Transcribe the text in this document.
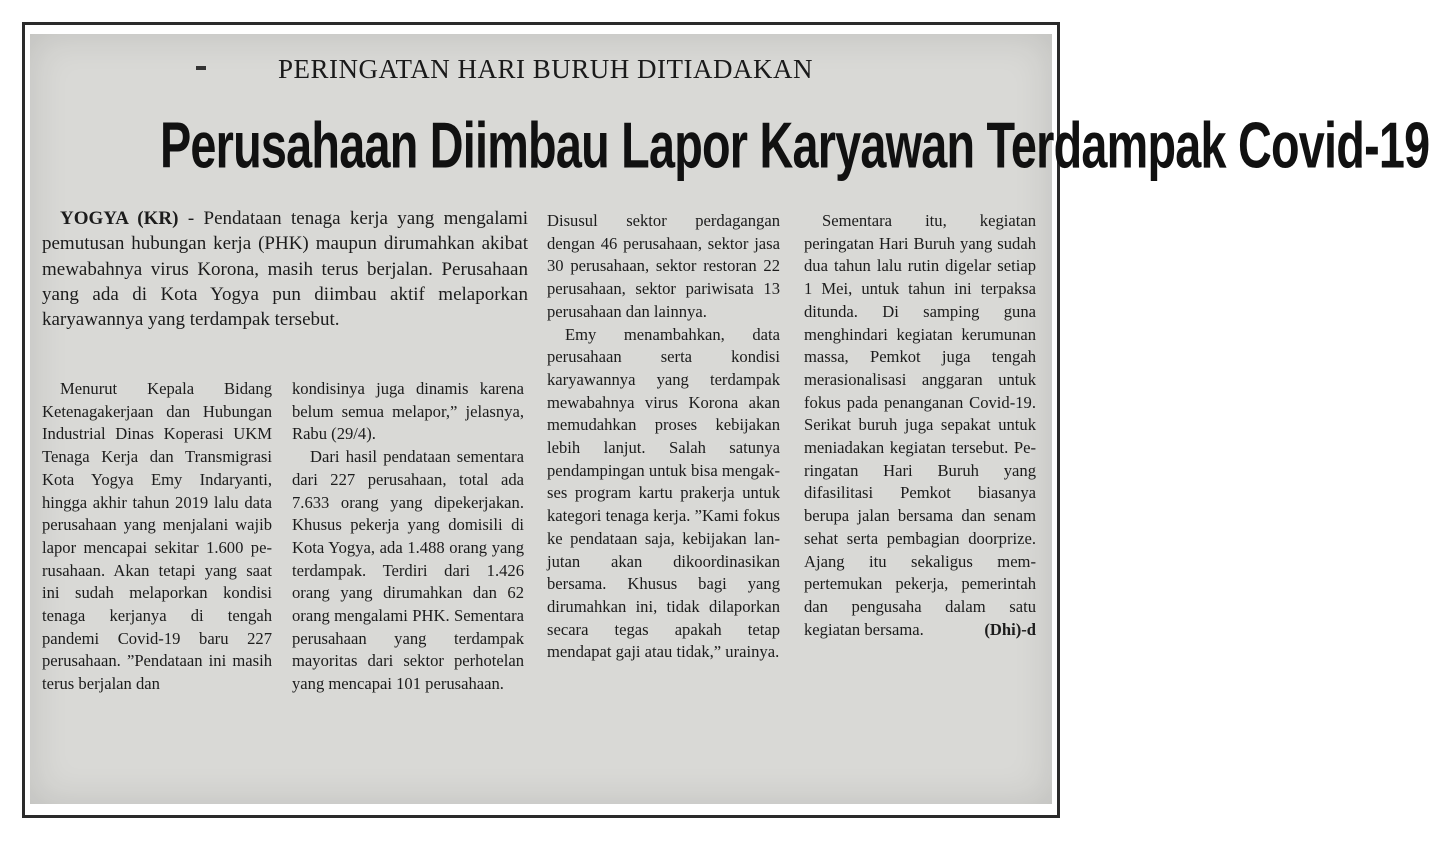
PERINGATAN HARI BURUH DITIADAKAN
Perusahaan Diimbau Lapor Karyawan Terdampak Covid-19

YOGYA (KR) - Pendataan tenaga kerja yang mengalami pemutusan hubungan kerja (PHK) maupun dirumahkan akibat mewabahnya virus Korona, masih terus berjalan. Perusahaan yang ada di Kota Yogya pun diimbau aktif melaporkan karyawannya yang terdampak tersebut.

Menurut Kepala Bidang Ketenagakerjaan dan Hubungan Industrial Dinas Koperasi UKM Tenaga Kerja dan Transmigrasi Kota Yogya Emy Indaryanti, hingga akhir tahun 2019 lalu data perusahaan yang menjalani wajib lapor mencapai sekitar 1.600 perusahaan. Akan tetapi yang saat ini sudah melaporkan kondisi tenaga kerjanya di tengah pandemi Covid-19 baru 227 perusahaan. ”Pendataan ini masih terus berjalan dan

kondisinya juga dinamis karena belum semua melapor,” jelasnya, Rabu (29/4).

Dari hasil pendataan sementara dari 227 perusahaan, total ada 7.633 orang yang dipekerjakan. Khusus pekerja yang domisili di Kota Yogya, ada 1.488 orang yang terdampak. Terdiri dari 1.426 orang yang dirumahkan dan 62 orang mengalami PHK. Sementara perusahaan yang terdampak mayoritas dari sektor perhotelan yang mencapai 101 perusahaan.

Disusul sektor perdagangan dengan 46 perusahaan, sektor jasa 30 perusahaan, sektor restoran 22 perusahaan, sektor pariwisata 13 perusahaan dan lainnya.

Emy menambahkan, data perusahaan serta kondisi karyawannya yang terdampak mewabahnya virus Korona akan memudahkan proses kebijakan lebih lanjut. Salah satunya pendampingan untuk bisa mengakses program kartu prakerja untuk kategori tenaga kerja. ”Kami fokus ke pendataan saja, kebijakan lanjutan akan dikoordinasikan bersama. Khusus bagi yang dirumahkan ini, tidak dilaporkan secara tegas apakah tetap mendapat gaji atau tidak,” urainya.

Sementara itu, kegiatan peringatan Hari Buruh yang sudah dua tahun lalu rutin digelar setiap 1 Mei, untuk tahun ini terpaksa ditunda. Di samping guna menghindari kegiatan kerumunan massa, Pemkot juga tengah merasionalisasi anggaran untuk fokus pada penanganan Covid-19. Serikat buruh juga sepakat untuk meniadakan kegiatan tersebut. Peringatan Hari Buruh yang difasilitasi Pemkot biasanya berupa jalan bersama dan senam sehat serta pembagian doorprize. Ajang itu sekaligus mempertemukan pekerja, pemerintah dan pengusaha dalam satu kegiatan bersama.	(Dhi)-d
